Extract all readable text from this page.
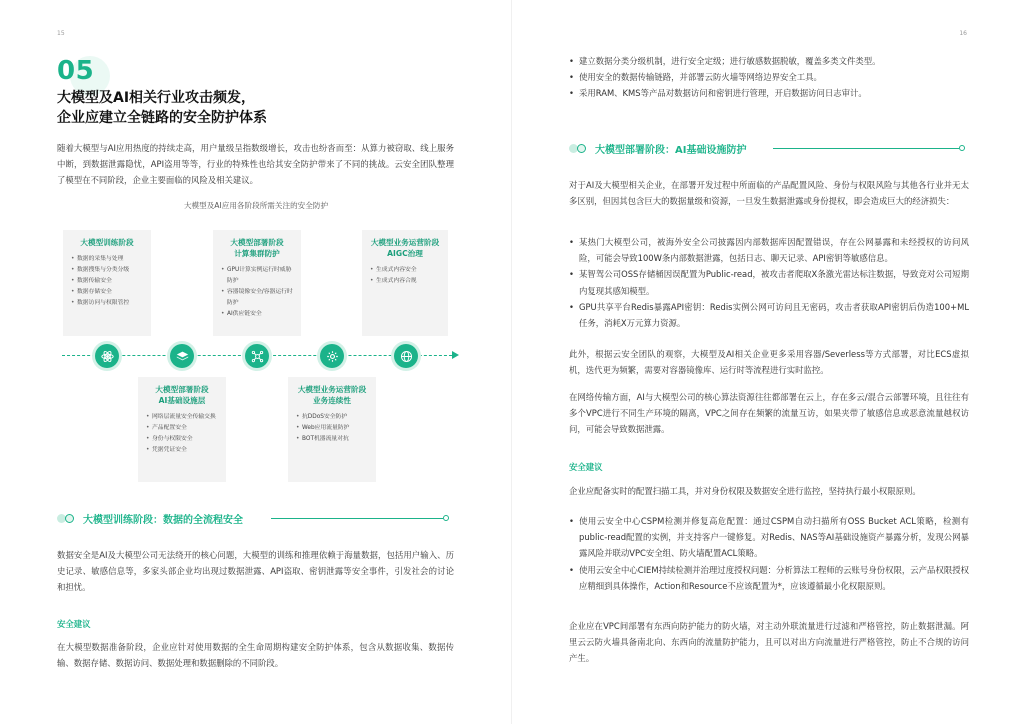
15
05
大模型及AI相关行业攻击频发，
企业应建立全链路的安全防护体系
随着大模型与AI应用热度的持续走高，用户量级呈指数级增长，攻击也纷沓而至：从算力被窃取、线上服务中断，到数据泄露隐忧，API盗用等等，行业的特殊性也给其安全防护带来了不同的挑战。云安全团队整理了模型在不同阶段，企业主要面临的风险及相关建议。
大模型及AI应用各阶段所需关注的安全防护
大模型训练阶段
• 数据的采集与处理
• 数据搜集与分类分级
• 数据传输安全
• 数据存储安全
• 数据访问与权限管控
大模型部署阶段
计算集群防护
• GPU计算实例运行时威胁防护
• 容器镜像安全/容器运行时防护
• AI供应链安全
大模型业务运营阶段
AIGC治理
• 生成式内容安全
• 生成式内容合规
大模型部署阶段
AI基础设施层
• 网络层流量安全传输交换
• 产品配置安全
• 身份与权限安全
• 凭据凭证安全
大模型业务运营阶段
业务连续性
• 抗DDoS安全防护
• Web应用流量防护
• BOT机器流量对抗
大模型训练阶段：数据的全流程安全
数据安全是AI及大模型公司无法绕开的核心问题，大模型的训练和推理依赖于海量数据，包括用户输入、历史记录、敏感信息等，多家头部企业均出现过数据泄露、API盗取、密钥泄露等安全事件，引发社会的讨论和担忧。
安全建议
在大模型数据准备阶段，企业应针对使用数据的全生命周期构建安全防护体系，包含从数据收集、数据传输、数据存储、数据访问、数据处理和数据删除的不同阶段。
16
• 建立数据分类分级机制，进行安全定级；进行敏感数据脱敏，覆盖多类文件类型。
• 使用安全的数据传输链路，并部署云防火墙等网络边界安全工具。
• 采用RAM、KMS等产品对数据访问和密钥进行管理，开启数据访问日志审计。
大模型部署阶段：AI基础设施防护
对于AI及大模型相关企业，在部署开发过程中所面临的产品配置风险、身份与权限风险与其他各行业并无太多区别，但因其包含巨大的数据量级和资源，一旦发生数据泄露或身份提权，即会造成巨大的经济损失：
• 某热门大模型公司，被海外安全公司披露因内部数据库因配置错误，存在公网暴露和未经授权的访问风险，可能会导致100W条内部数据泄露，包括日志、聊天记录、API密钥等敏感信息。
• 某智驾公司OSS存储桶因误配置为Public-read，被攻击者爬取X条激光雷达标注数据，导致竞对公司短期内复现其感知模型。
• GPU共享平台Redis暴露API密钥：Redis实例公网可访问且无密码，攻击者获取API密钥后伪造100+ML任务，消耗X万元算力资源。
此外，根据云安全团队的观察，大模型及AI相关企业更多采用容器/Severless等方式部署，对比ECS虚拟机，迭代更为频繁，需要对容器镜像库、运行时等流程进行实时监控。
在网络传输方面，AI与大模型公司的核心算法资源往往都部署在云上，存在多云/混合云部署环境，且往往有多个VPC进行不同生产环境的隔离，VPC之间存在频繁的流量互访，如果夹带了敏感信息或恶意流量越权访问，可能会导致数据泄露。
安全建议
企业应配备实时的配置扫描工具，并对身份权限及数据安全进行监控，坚持执行最小权限原则。
• 使用云安全中心CSPM检测并修复高危配置：通过CSPM自动扫描所有OSS Bucket ACL策略，检测有public-read配置的实例，并支持客户一键修复。对Redis、NAS等AI基础设施资产暴露分析，发现公网暴露风险并联动VPC安全组、防火墙配置ACL策略。
• 使用云安全中心CIEM持续检测并治理过度授权问题：分析算法工程师的云账号身份权限，云产品权限授权应精细到具体操作，Action和Resource不应该配置为*，应该遵循最小化权限原则。
企业应在VPC间部署有东西向防护能力的防火墙，对主动外联流量进行过滤和严格管控，防止数据泄漏。阿里云云防火墙具备南北向、东西向的流量防护能力，且可以对出方向流量进行严格管控，防止不合规的访问产生。
